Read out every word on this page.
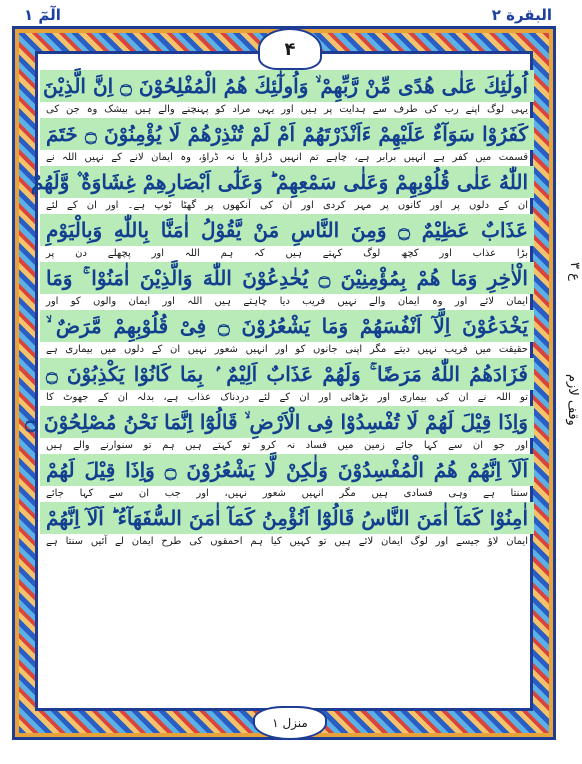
الٓمٓ ١	البقرة ٢
۴
ع ٣
وقف لازم
اُولٰٓئِكَ عَلٰى هُدًى مِّنْ رَّبِّهِمْ ۙ وَاُولٰٓئِكَ هُمُ الْمُفْلِحُوْنَ ۝ اِنَّ الَّذِيْنَ
یہی لوگ اپنے رب کی طرف سے ہدایت پر ہیں اور یہی مراد کو پہنچنے والے ہیں بیشک وہ جن کی
كَفَرُوْا سَوَآءٌ عَلَيْهِمْ ءَاَنْذَرْتَهُمْ اَمْ لَمْ تُنْذِرْهُمْ لَا يُؤْمِنُوْنَ ۝ خَتَمَ
قسمت میں کفر ہے انہیں برابر ہے، چاہے تم انہیں ڈراؤ یا نہ ڈراؤ، وہ ایمان لانے کے نہیں اللہ نے
اللّٰهُ عَلٰى قُلُوْبِهِمْ وَعَلٰى سَمْعِهِمْ ؕ وَعَلٰٓى اَبْصَارِهِمْ غِشَاوَةٌ ۫ وَّلَهُمْ
ان کے دلوں پر اور کانوں پر مہر کردی اور ان کی آنکھوں پر گھٹا ٹوپ ہے۔ اور ان کے لئے
عَذَابٌ عَظِيْمٌ ۝ وَمِنَ النَّاسِ مَنْ يَّقُوْلُ اٰمَنَّا بِاللّٰهِ وَبِالْيَوْمِ
بڑا عذاب اور کچھ لوگ کہتے ہیں کہ ہم اللہ اور پچھلے دن پر
الْاٰخِرِ وَمَا هُمْ بِمُؤْمِنِيْنَ ۝ يُخٰدِعُوْنَ اللّٰهَ وَالَّذِيْنَ اٰمَنُوْا ۚ وَمَا
ایمان لائے اور وہ ایمان والے نہیں فریب دیا چاہتے ہیں اللہ اور ایمان والوں کو اور
يَخْدَعُوْنَ اِلَّآ اَنْفُسَهُمْ وَمَا يَشْعُرُوْنَ ۝ فِىْ قُلُوْبِهِمْ مَّرَضٌ ۙ
حقیقت میں فریب نہیں دیتے مگر اپنی جانوں کو اور انہیں شعور نہیں ان کے دلوں میں بیماری ہے
فَزَادَهُمُ اللّٰهُ مَرَضًا ۚ وَلَهُمْ عَذَابٌ اَلِيْمٌ ۢ بِمَا كَانُوْا يَكْذِبُوْنَ ۝
تو اللہ نے ان کی بیماری اور بڑھائی اور ان کے لئے دردناک عذاب ہے، بدلہ ان کے جھوٹ کا
وَاِذَا قِيْلَ لَهُمْ لَا تُفْسِدُوْا فِى الْاَرْضِ ۙ قَالُوْٓا اِنَّمَا نَحْنُ مُصْلِحُوْنَ ۝
اور جو ان سے کہا جائے زمین میں فساد نہ کرو تو کہتے ہیں ہم تو سنوارنے والے ہیں
اَلَآ اِنَّهُمْ هُمُ الْمُفْسِدُوْنَ وَلٰكِنْ لَّا يَشْعُرُوْنَ ۝ وَاِذَا قِيْلَ لَهُمْ
سنتا ہے وہی فسادی ہیں مگر انہیں شعور نہیں، اور جب ان سے کہا جائے
اٰمِنُوْا كَمَآ اٰمَنَ النَّاسُ قَالُوْٓا اَنُؤْمِنُ كَمَآ اٰمَنَ السُّفَهَآءُ ؕ اَلَآ اِنَّهُمْ
ایمان لاؤ جیسے اور لوگ ایمان لائے ہیں تو کہیں کیا ہم احمقوں کی طرح ایمان لے آئیں سنتا ہے
منزل ١
